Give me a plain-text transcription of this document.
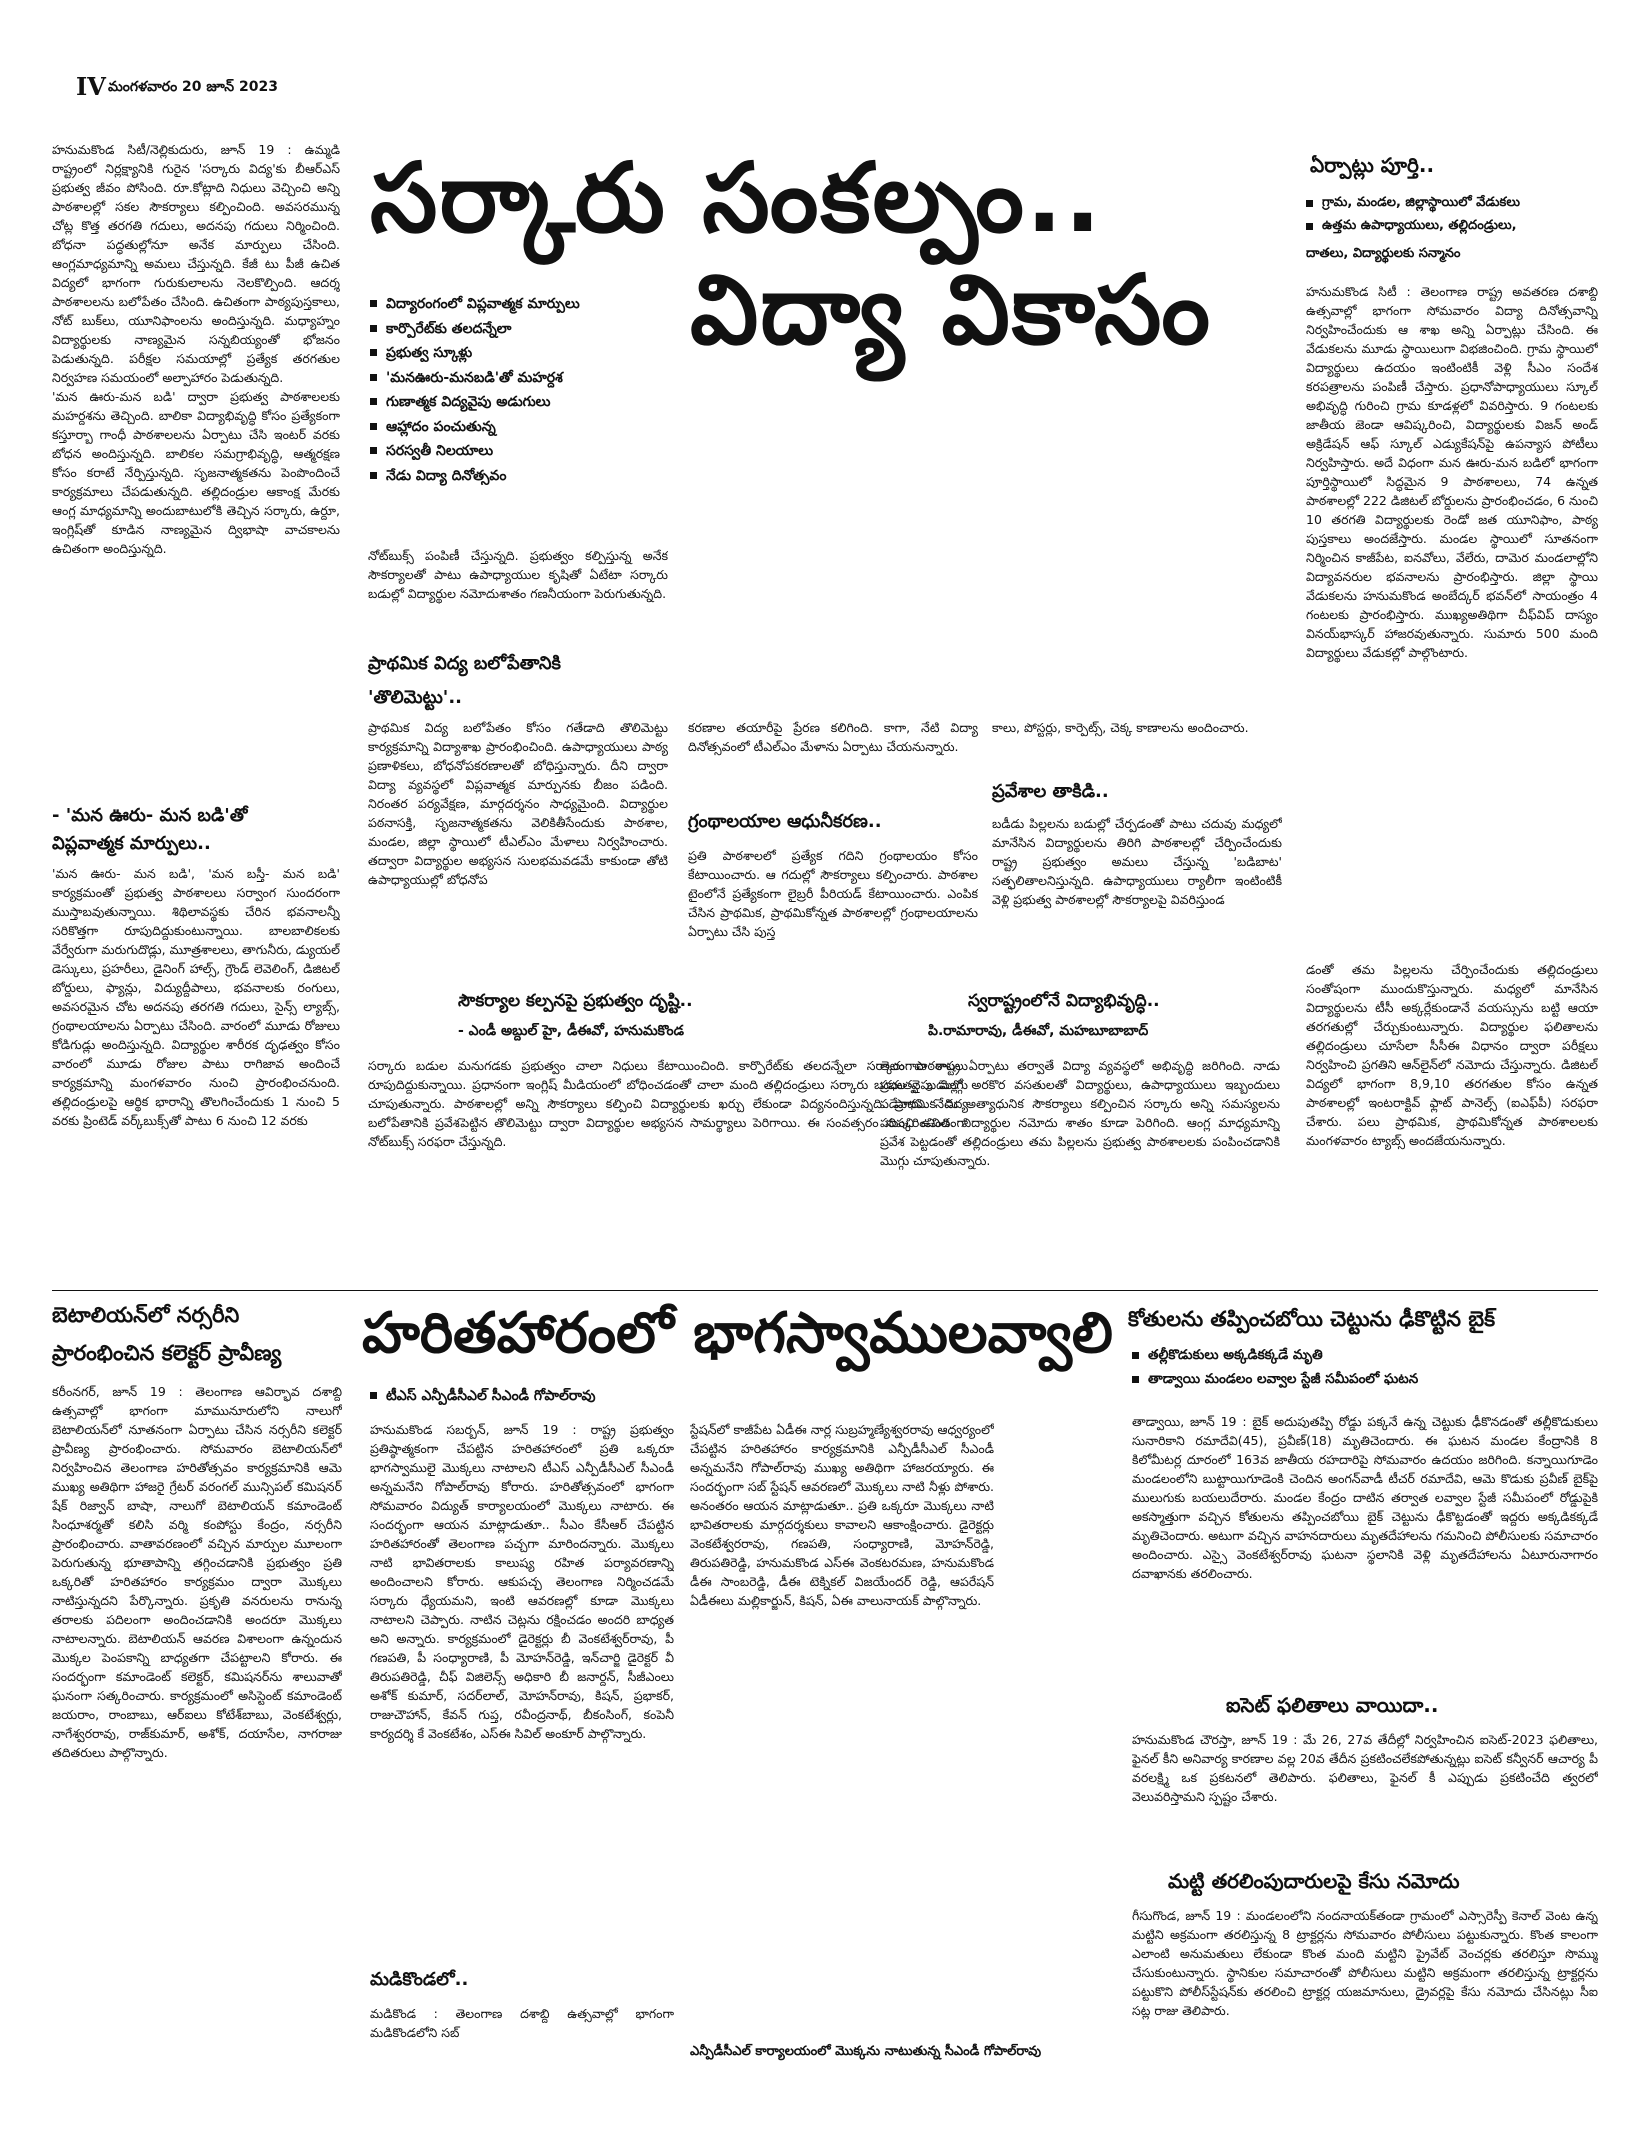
IV మంగళవారం 20 జూన్‌ 2023
సర్కారు సంకల్పం..
విద్యా వికాసం
హనుమకొండ సిటీ/నెల్లికుదురు, జూన్‌ 19 : ఉమ్మడి రాష్ట్రంలో నిర్లక్ష్యానికి గురైన 'సర్కారు విద్య'కు బీఆర్‌ఎస్‌ ప్రభుత్వ జీవం పోసింది. రూ.కోట్లాది నిధులు వెచ్చించి అన్ని పాఠశాలల్లో సకల సౌకర్యాలు కల్పించింది. అవసరమున్న చోట్ల కొత్త తరగతి గదులు, అదనపు గదులు నిర్మించింది. బోధనా పద్ధతుల్లోనూ అనేక మార్పులు చేసింది. ఆంగ్లమాధ్యమాన్ని అమలు చేస్తున్నది. కేజీ టు పీజీ ఉచిత విద్యలో భాగంగా గురుకులాలను నెలకొల్పింది. ఆదర్శ పాఠశాలలను బలోపేతం చేసింది. ఉచితంగా పాఠ్యపుస్తకాలు, నోట్‌ బుక్‌లు, యూనిఫాంలను అందిస్తున్నది. మధ్యాహ్నం విద్యార్థులకు నాణ్యమైన సన్నబియ్యంతో భోజనం పెడుతున్నది. పరీక్షల సమయాల్లో ప్రత్యేక తరగతుల నిర్వహణ సమయంలో అల్పాహారం పెడుతున్నది.
'మన ఊరు-మన బడి' ద్వారా ప్రభుత్వ పాఠశాలలకు మహర్దశను తెచ్చింది. బాలికా విద్యాభివృద్ధి కోసం ప్రత్యేకంగా కస్తూర్బా గాంధీ పాఠశాలలను ఏర్పాటు చేసి ఇంటర్‌ వరకు బోధన అందిస్తున్నది. బాలికల సమగ్రాభివృద్ధి, ఆత్మరక్షణ కోసం కరాటే నేర్పిస్తున్నది. సృజనాత్మకతను పెంపొందించే కార్యక్రమాలు చేపడుతున్నది. తల్లిదండ్రుల ఆకాంక్ష మేరకు ఆంగ్ల మాధ్యమాన్ని అందుబాటులోకి తెచ్చిన సర్కారు, ఉర్దూ, ఇంగ్లిష్‌తో కూడిన నాణ్యమైన ద్విభాషా వాచకాలను ఉచితంగా అందిస్తున్నది.
- 'మన ఊరు- మన బడి'తో
విప్లవాత్మక మార్పులు..
'మన ఊరు- మన బడి', 'మన బస్తీ- మన బడి' కార్యక్రమంతో ప్రభుత్వ పాఠశాలలు సర్వాంగ సుందరంగా ముస్తాబవుతున్నాయి. శిథిలావస్థకు చేరిన భవనాలన్నీ సరికొత్తగా రూపుదిద్దుకుంటున్నాయి. బాలబాలికలకు వేర్వేరుగా మరుగుదొడ్లు, మూత్రశాలలు, తాగునీరు, డ్యుయల్‌ డెస్కులు, ప్రహరీలు, డైనింగ్‌ హాల్స్‌, గ్రౌండ్‌ లెవెలింగ్‌, డిజిటల్‌ బోర్డులు, ఫ్యాన్లు, విద్యుద్దీపాలు, భవనాలకు రంగులు, అవసరమైన చోట అదనపు తరగతి గదులు, సైన్స్‌ ల్యాబ్స్‌, గ్రంథాలయాలను ఏర్పాటు చేసింది. వారంలో మూడు రోజులు కోడిగుడ్లు అందిస్తున్నది. విద్యార్థుల శారీరక దృఢత్వం కోసం వారంలో మూడు రోజుల పాటు రాగిజావ అందించే కార్యక్రమాన్ని మంగళవారం నుంచి ప్రారంభించనుంది. తల్లిదండ్రులపై ఆర్థిక భారాన్ని తొలగించేందుకు 1 నుంచి 5 వరకు ప్రింటెడ్‌ వర్క్‌బుక్స్‌తో పాటు 6 నుంచి 12 వరకు
విద్యారంగంలో విప్లవాత్మక మార్పులు
కార్పొరేట్‌కు తలదన్నేలా
ప్రభుత్వ స్కూళ్లు
'మనఊరు-మనబడి'తో మహర్దశ
గుణాత్మక విద్యవైపు అడుగులు
ఆహ్లాదం పంచుతున్న
సరస్వతీ నిలయాలు
నేడు విద్యా దినోత్సవం
నోట్‌బుక్స్‌ పంపిణీ చేస్తున్నది. ప్రభుత్వం కల్పిస్తున్న అనేక సౌకర్యాలతో పాటు ఉపాధ్యాయుల కృషితో ఏటేటా సర్కారు బడుల్లో విద్యార్థుల నమోదుశాతం గణనీయంగా పెరుగుతున్నది.
ప్రాథమిక విద్య బలోపేతానికి
'తొలిమెట్టు'..
ప్రాథమిక విద్య బలోపేతం కోసం గతేడాది తొలిమెట్టు కార్యక్రమాన్ని విద్యాశాఖ ప్రారంభించింది. ఉపాధ్యాయులు పాఠ్య ప్రణాళికలు, బోధనోపకరణాలతో బోధిస్తున్నారు. దీని ద్వారా విద్యా వ్యవస్థలో విప్లవాత్మక మార్పునకు బీజం పడింది. నిరంతర పర్యవేక్షణ, మార్గదర్శనం సాధ్యమైంది. విద్యార్థుల పఠనాసక్తి, సృజనాత్మకతను వెలికితీసేందుకు పాఠశాల, మండల, జిల్లా స్థాయిలో టీఎల్‌ఎం మేళాలు నిర్వహించారు. తద్వారా విద్యార్థుల అభ్యసన సులభమవడమే కాకుండా తోటి ఉపాధ్యాయుల్లో బోధనోప
కరణాల తయారీపై ప్రేరణ కలిగింది. కాగా, నేటి విద్యా దినోత్సవంలో టీఎల్‌ఎం మేళాను ఏర్పాటు చేయనున్నారు.
గ్రంథాలయాల ఆధునీకరణ..
ప్రతి పాఠశాలలో ప్రత్యేక గదిని గ్రంథాలయం కోసం కేటాయించారు. ఆ గదుల్లో సౌకర్యాలు కల్పించారు. పాఠశాల టైంలోనే ప్రత్యేకంగా లైబ్రరీ పీరియడ్‌ కేటాయించారు. ఎంపిక చేసిన ప్రాథమిక, ప్రాథమికోన్నత పాఠశాలల్లో గ్రంథాలయాలను ఏర్పాటు చేసి పుస్త
కాలు, పోస్టర్లు, కార్పెట్స్‌, చెక్క కాణాలను అందించారు.
ప్రవేశాల తాకిడి..
బడీడు పిల్లలను బడుల్లో చేర్పడంతో పాటు చదువు మధ్యలో మానేసిన విద్యార్థులను తిరిగి పాఠశాలల్లో చేర్పించేందుకు రాష్ట్ర ప్రభుత్వం అమలు చేస్తున్న 'బడిబాట' సత్ఫలితాలనిస్తున్నది. ఉపాధ్యాయులు ర్యాలీగా ఇంటింటికీ వెళ్లి ప్రభుత్వ పాఠశాలల్లో సౌకర్యాలపై వివరిస్తుండ
సౌకర్యాల కల్పనపై ప్రభుత్వం దృష్టి..
- ఎండీ అబ్దుల్‌ హై, డీఈవో, హనుమకొండ
సర్కారు బడుల మనుగడకు ప్రభుత్వం చాలా నిధులు కేటాయించింది. కార్పొరేట్‌కు తలదన్నేలా సర్కారు పాఠశాలలు రూపుదిద్దుకున్నాయి. ప్రధానంగా ఇంగ్లిష్‌ మీడియంలో బోధించడంతో చాలా మంది తల్లిదండ్రులు సర్కారు బడుల వైపు మొగ్గు చూపుతున్నారు. పాఠశాలల్లో అన్ని సౌకర్యాలు కల్పించి విద్యార్థులకు ఖర్చు లేకుండా విద్యనందిస్తున్నది. ప్రాథమిక విద్య బలోపేతానికి ప్రవేశపెట్టిన తొలిమెట్టు ద్వారా విద్యార్థుల అభ్యసన సామర్థ్యాలు పెరిగాయి. ఈ సంవత్సరం నుంచి ఉచితంగా నోట్‌బుక్స్‌ సరఫరా చేస్తున్నది.
స్వరాష్ట్రంలోనే విద్యాభివృద్ధి..
పి.రామారావు, డీఈవో, మహబూబాబాద్‌
తెలంగాణ రాష్ట్ర ఏర్పాటు తర్వాతే విద్యా వ్యవస్థలో అభివృద్ధి జరిగింది. నాడు ప్రభుత్వ బడుల్లో అరకొర వసతులతో విద్యార్థులు, ఉపాధ్యాయులు ఇబ్బందులు పడేవారు. నేడు అత్యాధునిక సౌకర్యాలు కల్పించిన సర్కారు అన్ని సమస్యలను పరిష్కరించింది. విద్యార్థుల నమోదు శాతం కూడా పెరిగింది. ఆంగ్ల మాధ్యమాన్ని ప్రవేశ పెట్టడంతో తల్లిదండ్రులు తమ పిల్లలను ప్రభుత్వ పాఠశాలలకు పంపించడానికి మొగ్గు చూపుతున్నారు.
ఏర్పాట్లు పూర్తి..
గ్రామ, మండల, జిల్లాస్థాయిలో వేడుకలు
ఉత్తమ ఉపాధ్యాయులు, తల్లిదండ్రులు,
దాతలు, విద్యార్థులకు సన్మానం
హనుమకొండ సిటీ : తెలంగాణ రాష్ట్ర అవతరణ దశాబ్ది ఉత్సవాల్లో భాగంగా సోమవారం విద్యా దినోత్సవాన్ని నిర్వహించేందుకు ఆ శాఖ అన్ని ఏర్పాట్లు చేసింది. ఈ వేడుకలను మూడు స్థాయిలుగా విభజించింది. గ్రామ స్థాయిలో విద్యార్థులు ఉదయం ఇంటింటికీ వెళ్లి సీఎం సందేశ కరపత్రాలను పంపిణీ చేస్తారు. ప్రధానోపాధ్యాయులు స్కూల్‌ అభివృద్ధి గురించి గ్రామ కూడళ్లలో వివరిస్తారు. 9 గంటలకు జాతీయ జెండా ఆవిష్కరించి, విద్యార్థులకు విజన్‌ అండ్‌ అక్రిడేషన్‌ ఆఫ్‌ స్కూల్‌ ఎడ్యుకేషన్‌పై ఉపన్యాస పోటీలు నిర్వహిస్తారు. అదే విధంగా మన ఊరు-మన బడిలో భాగంగా పూర్తిస్థాయిలో సిద్ధమైన 9 పాఠశాలలు, 74 ఉన్నత పాఠశాలల్లో 222 డిజిటల్‌ బోర్డులను ప్రారంభించడం, 6 నుంచి 10 తరగతి విద్యార్థులకు రెండో జత యూనిఫాం, పాఠ్య పుస్తకాలు అందజేస్తారు. మండల స్థాయిలో సూతనంగా నిర్మించిన కాజీపేట, ఐనవోలు, వేలేరు, దామెర మండలాల్లోని విద్యావనరుల భవనాలను ప్రారంభిస్తారు. జిల్లా స్థాయి వేడుకలను హనుమకొండ అంబేద్కర్‌ భవన్‌లో సాయంత్రం 4 గంటలకు ప్రారంభిస్తారు. ముఖ్యఅతిథిగా చీఫ్‌విప్‌ దాస్యం వినయ్‌భాస్కర్‌ హాజరవుతున్నారు. సుమారు 500 మంది విద్యార్థులు వేడుకల్లో పాల్గొంటారు.
డంతో తమ పిల్లలను చేర్పించేందుకు తల్లిదండ్రులు సంతోషంగా ముందుకొస్తున్నారు. మధ్యలో మానేసిన విద్యార్థులను టీసీ అక్కర్లేకుండానే వయస్సును బట్టి ఆయా తరగతుల్లో చేర్చుకుంటున్నారు. విద్యార్థుల ఫలితాలను తల్లిదండ్రులు చూసేలా సీసీఈ విధానం ద్వారా పరీక్షలు నిర్వహించి ప్రగతిని ఆన్‌లైన్‌లో నమోదు చేస్తున్నారు. డిజిటల్‌ విద్యలో భాగంగా 8,9,10 తరగతుల కోసం ఉన్నత పాఠశాలల్లో ఇంటరాక్టివ్‌ ఫ్లాట్‌ పానెల్స్‌ (ఐఎఫ్‌పీ) సరఫరా చేశారు. పలు ప్రాథమిక, ప్రాథమికోన్నత పాఠశాలలకు మంగళవారం ట్యాబ్స్‌ అందజేయనున్నారు.
బెటాలియన్‌లో నర్సరీని
ప్రారంభించిన కలెక్టర్‌ ప్రావీణ్య
కరీంనగర్‌, జూన్‌ 19 : తెలంగాణ ఆవిర్భావ దశాబ్ది ఉత్సవాల్లో భాగంగా మామునూరులోని నాలుగో బెటాలియన్‌లో నూతనంగా ఏర్పాటు చేసిన నర్సరీని కలెక్టర్‌ ప్రావీణ్య ప్రారంభించారు. సోమవారం బెటాలియన్‌లో నిర్వహించిన తెలంగాణ హరితోత్సవం కార్యక్రమానికి ఆమె ముఖ్య అతిథిగా హాజరై గ్రేటర్‌ వరంగల్‌ మున్సిపల్‌ కమిషనర్‌ షేక్‌ రిజ్వాన్‌ బాషా, నాలుగో బెటాలియన్‌ కమాండెంట్‌ సింధూశర్మతో కలిసి వర్మి కంపోస్టు కేంద్రం, నర్సరీని ప్రారంభించారు. వాతావరణంలో వచ్చిన మార్పుల మూలంగా పెరుగుతున్న భూతాపాన్ని తగ్గించడానికి ప్రభుత్వం ప్రతి ఒక్కరితో హరితహారం కార్యక్రమం ద్వారా మొక్కలు నాటిస్తున్నదని పేర్కొన్నారు. ప్రకృతి వనరులను రానున్న తరాలకు పదిలంగా అందించడానికి అందరూ మొక్కలు నాటాలన్నారు. బెటాలియన్‌ ఆవరణ విశాలంగా ఉన్నందున మొక్కల పెంపకాన్ని బాధ్యతగా చేపట్టాలని కోరారు. ఈ సందర్భంగా కమాండెంట్‌ కలెక్టర్‌, కమిషనర్‌ను శాలువాతో ఘనంగా సత్కరించారు. కార్యక్రమంలో అసిస్టెంట్‌ కమాండెంట్‌ జయరాం, రాంబాబు, ఆర్‌ఐలు కోటేశ్‌బాబు, వెంకటేశ్వర్లు, నాగేశ్వరరావు, రాజ్‌కుమార్‌, అశోక్‌, దయాసేల, నాగరాజు తదితరులు పాల్గొన్నారు.
హరితహారంలో భాగస్వాములవ్వాలి
టీఎస్‌ ఎన్పీడీసీఎల్‌ సీఎండీ గోపాల్‌రావు
హనుమకొండ సబర్బన్‌, జూన్‌ 19 : రాష్ట్ర ప్రభుత్వం ప్రతిష్ఠాత్మకంగా చేపట్టిన హరితహారంలో ప్రతి ఒక్కరూ భాగస్వాములై మొక్కలు నాటాలని టీఎస్‌ ఎన్పీడీసీఎల్‌ సీఎండీ అన్నమనేని గోపాల్‌రావు కోరారు. హరితోత్సవంలో భాగంగా సోమవారం విద్యుత్‌ కార్యాలయంలో మొక్కలు నాటారు. ఈ సందర్భంగా ఆయన మాట్లాడుతూ.. సీఎం కేసీఆర్‌ చేపట్టిన హరితహారంతో తెలంగాణ పచ్చగా మారిందన్నారు. మొక్కలు నాటి భావితరాలకు కాలుష్య రహిత పర్యావరణాన్ని అందించాలని కోరారు. ఆకుపచ్చ తెలంగాణ నిర్మించడమే సర్కారు ధ్యేయమని, ఇంటి ఆవరణల్లో కూడా మొక్కలు నాటాలని చెప్పారు. నాటిన చెట్లను రక్షించడం అందరి బాధ్యత అని అన్నారు. కార్యక్రమంలో డైరెక్టర్లు బీ వెంకటేశ్వర్‌రావు, పీ గణపతి, పీ సంధ్యారాణి, పీ మోహన్‌రెడ్డి, ఇన్‌చార్జి డైరెక్టర్‌ వీ తిరుపతిరెడ్డి, చీఫ్‌ విజిలెన్స్‌ అధికారి బీ జనార్దన్‌, సీజీఎంలు అశోక్‌ కుమార్‌, సదర్‌లాల్‌, మోహన్‌రావు, కిషన్‌, ప్రభాకర్‌, రాజుచౌహాన్‌, కేవన్‌ గుప్త, రవీంద్రనాథ్‌, బీకంసింగ్‌, కంపెనీ కార్యదర్శి కే వెంకటేశం, ఎస్‌ఈ సివిల్‌ అంకూర్‌ పాల్గొన్నారు.
మడికొండలో..
మడికొండ : తెలంగాణ దశాబ్ది ఉత్సవాల్లో భాగంగా మడికొండలోని సబ్‌
స్టేషన్‌లో కాజీపేట ఏడీఈ నార్ల సుబ్రహ్మణ్యేశ్వరరావు ఆధ్వర్యంలో చేపట్టిన హరితహారం కార్యక్రమానికి ఎన్పీడీసీఎల్‌ సీఎండీ అన్నమనేని గోపాల్‌రావు ముఖ్య అతిథిగా హాజరయ్యారు. ఈ సందర్భంగా సబ్‌ స్టేషన్‌ ఆవరణలో మొక్కలు నాటి నీళ్లు పోశారు. అనంతరం ఆయన మాట్లాడుతూ.. ప్రతి ఒక్కరూ మొక్కలు నాటి భావితరాలకు మార్గదర్శకులు కావాలని ఆకాంక్షించారు. డైరెక్టర్లు వెంకటేశ్వరరావు, గణపతి, సంధ్యారాణి, మోహన్‌రెడ్డి, తిరుపతిరెడ్డి, హనుమకొండ ఎస్‌ఈ వెంకటరమణ, హనుమకొండ డీఈ సాంబరెడ్డి, డీఈ టెక్నికల్‌ విజయేందర్‌ రెడ్డి, ఆపరేషన్‌ ఏడీఈలు మల్లికార్జున్‌, కిషన్‌, ఏఈ వాలునాయక్‌ పాల్గొన్నారు.
ఎన్పీడీసీఎల్‌ కార్యాలయంలో మొక్కను నాటుతున్న సీఎండీ గోపాల్‌రావు
కోతులను తప్పించబోయి చెట్టును ఢీకొట్టిన బైక్‌
తల్లీకొడుకులు అక్కడికక్కడే మృతి
తాడ్వాయి మండలం లవ్వాల స్టేజీ సమీపంలో ఘటన
తాడ్వాయి, జూన్‌ 19 : బైక్‌ అదుపుతప్పి రోడ్డు పక్కనే ఉన్న చెట్టుకు ఢీకొనడంతో తల్లీకొడుకులు సునారికాని రమాదేవి(45), ప్రవీణ్‌(18) మృతిచెందారు. ఈ ఘటన మండల కేంద్రానికి 8 కిలోమీటర్ల దూరంలో 163వ జాతీయ రహదారిపై సోమవారం ఉదయం జరిగింది. కన్నాయిగూడెం మండలంలోని బుట్టాయిగూడెంకి చెందిన అంగన్‌వాడీ టీచర్‌ రమాదేవి, ఆమె కొడుకు ప్రవీణ్‌ బైక్‌పై ములుగుకు బయలుదేరారు. మండల కేంద్రం దాటిన తర్వాత లవ్వాల స్టేజీ సమీపంలో రోడ్డుపైకి అకస్మాత్తుగా వచ్చిన కోతులను తప్పించబోయి బైక్‌ చెట్టును ఢీకొట్టడంతో ఇద్దరు అక్కడికక్కడే మృతిచెందారు. అటుగా వచ్చిన వాహనదారులు మృతదేహాలను గమనించి పోలీసులకు సమాచారం అందించారు. ఎస్సై వెంకటేశ్వర్‌రావు ఘటనా స్థలానికి వెళ్లి మృతదేహాలను ఏటూరునాగారం దవాఖానకు తరలించారు.
ఐసెట్‌ ఫలితాలు వాయిదా..
హనుమకొండ చౌరస్తా, జూన్‌ 19 : మే 26, 27వ తేదీల్లో నిర్వహించిన ఐసెట్‌-2023 ఫలితాలు, ఫైనల్‌ కీని అనివార్య కారణాల వల్ల 20వ తేదీన ప్రకటించలేకపోతున్నట్లు ఐసెట్‌ కన్వీనర్‌ ఆచార్య పీ వరలక్ష్మి ఒక ప్రకటనలో తెలిపారు. ఫలితాలు, ఫైనల్‌ కీ ఎప్పుడు ప్రకటించేది త్వరలో వెలువరిస్తామని స్పష్టం చేశారు.
మట్టి తరలింపుదారులపై కేసు నమోదు
గీసుగొండ, జూన్‌ 19 : మండలంలోని నందనాయక్‌తండా గ్రామంలో ఎస్సారెస్పీ కెనాల్‌ వెంట ఉన్న మట్టిని అక్రమంగా తరలిస్తున్న 8 ట్రాక్టర్లను సోమవారం పోలీసులు పట్టుకున్నారు. కొంత కాలంగా ఎలాంటి అనుమతులు లేకుండా కొంత మంది మట్టిని ప్రైవేట్‌ వెంచర్లకు తరలిస్తూ సొమ్ము చేసుకుంటున్నారు. స్థానికుల సమాచారంతో పోలీసులు మట్టిని అక్రమంగా తరలిస్తున్న ట్రాక్టర్లను పట్టుకొని పోలీస్‌స్టేషన్‌కు తరలించి ట్రాక్టర్ల యజమానులు, డ్రైవర్లపై కేసు నమోదు చేసినట్లు సీఐ సట్ల రాజు తెలిపారు.
